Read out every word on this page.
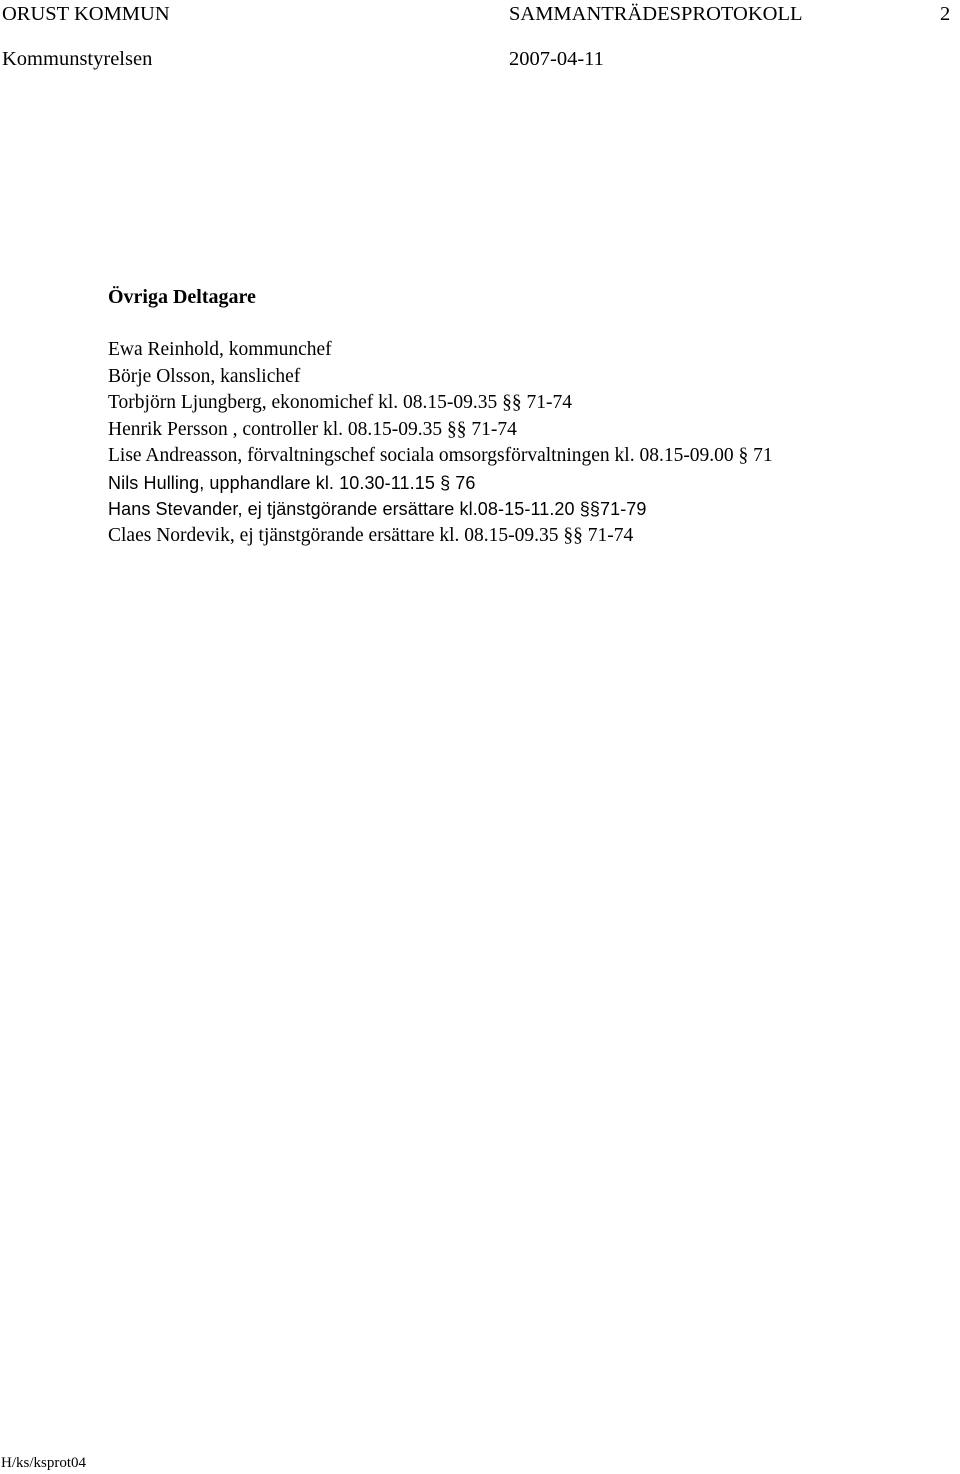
ORUST KOMMUN	SAMMANTRÄDESPROTOKOLL	2
Kommunstyrelsen	2007-04-11
Övriga Deltagare
Ewa Reinhold, kommunchef
Börje Olsson, kanslichef
Torbjörn Ljungberg, ekonomichef kl. 08.15-09.35 §§ 71-74
Henrik Persson , controller kl. 08.15-09.35 §§ 71-74
Lise Andreasson, förvaltningschef sociala omsorgsförvaltningen kl. 08.15-09.00 § 71
Nils Hulling, upphandlare kl. 10.30-11.15 § 76
Hans Stevander, ej tjänstgörande ersättare kl.08-15-11.20 §§71-79
Claes Nordevik, ej tjänstgörande ersättare kl. 08.15-09.35 §§ 71-74
H/ks/ksprot04
